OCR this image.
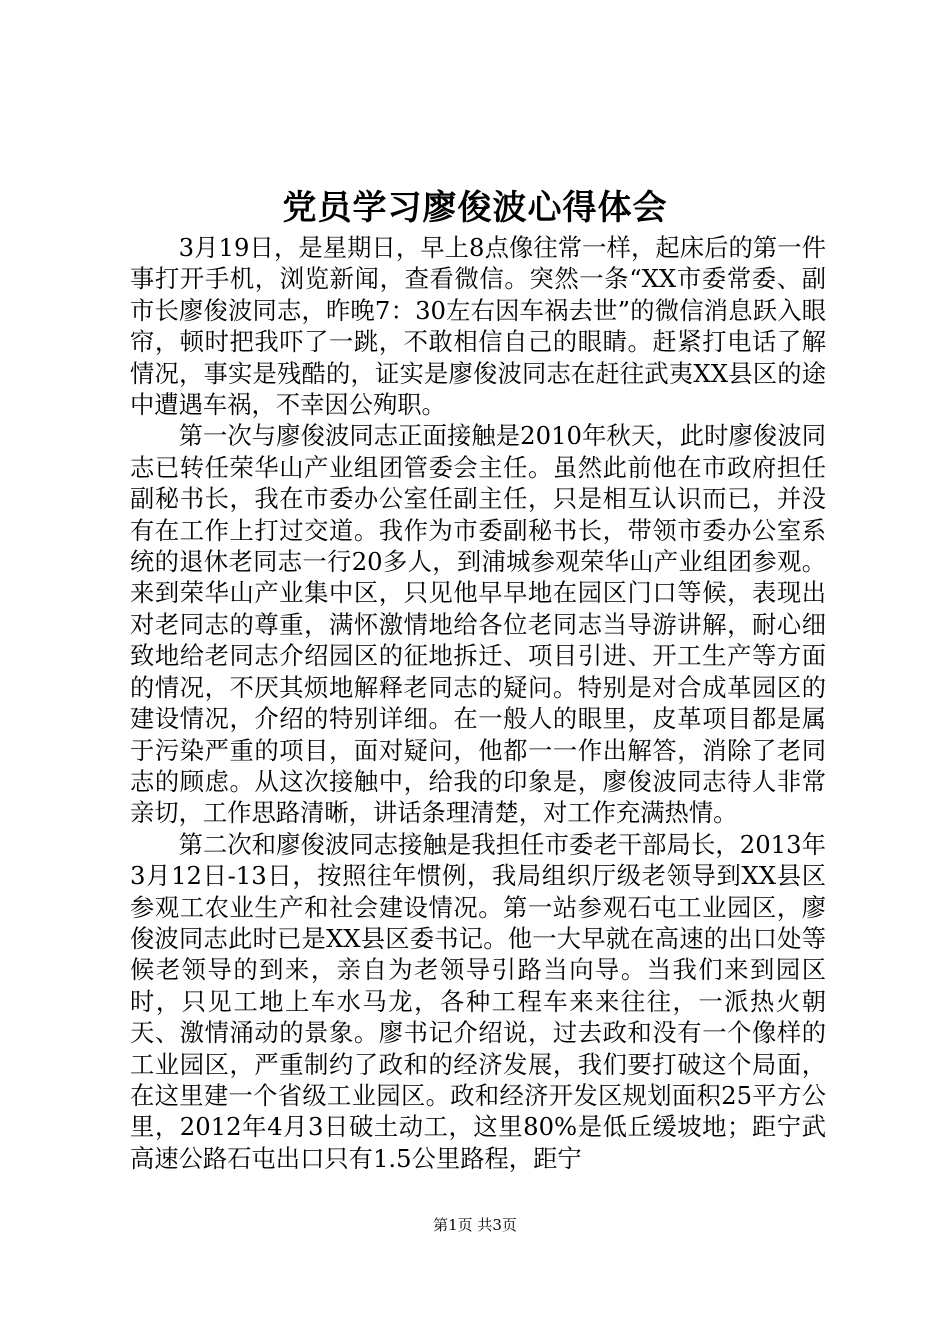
党员学习廖俊波心得体会

3月19日，是星期日，早上8点像往常一样，起床后的第一件事打开手机，浏览新闻，查看微信。突然一条“XX市委常委、副市长廖俊波同志，昨晚7：30左右因车祸去世”的微信消息跃入眼帘，顿时把我吓了一跳，不敢相信自己的眼睛。赶紧打电话了解情况，事实是残酷的，证实是廖俊波同志在赶往武夷XX县区的途中遭遇车祸，不幸因公殉职。

第一次与廖俊波同志正面接触是2010年秋天，此时廖俊波同志已转任荣华山产业组团管委会主任。虽然此前他在市政府担任副秘书长，我在市委办公室任副主任，只是相互认识而已，并没有在工作上打过交道。我作为市委副秘书长，带领市委办公室系统的退休老同志一行20多人，到浦城参观荣华山产业组团参观。来到荣华山产业集中区，只见他早早地在园区门口等候，表现出对老同志的尊重，满怀激情地给各位老同志当导游讲解，耐心细致地给老同志介绍园区的征地拆迁、项目引进、开工生产等方面的情况，不厌其烦地解释老同志的疑问。特别是对合成革园区的建设情况，介绍的特别详细。在一般人的眼里，皮革项目都是属于污染严重的项目，面对疑问，他都一一作出解答，消除了老同志的顾虑。从这次接触中，给我的印象是，廖俊波同志待人非常亲切，工作思路清晰，讲话条理清楚，对工作充满热情。

第二次和廖俊波同志接触是我担任市委老干部局长，2013年3月12日-13日，按照往年惯例，我局组织厅级老领导到XX县区参观工农业生产和社会建设情况。第一站参观石屯工业园区，廖俊波同志此时已是XX县区委书记。他一大早就在高速的出口处等候老领导的到来，亲自为老领导引路当向导。当我们来到园区时，只见工地上车水马龙，各种工程车来来往往，一派热火朝天、激情涌动的景象。廖书记介绍说，过去政和没有一个像样的工业园区，严重制约了政和的经济发展，我们要打破这个局面，在这里建一个省级工业园区。政和经济开发区规划面积25平方公里，2012年4月3日破土动工，这里80%是低丘缓坡地；距宁武高速公路石屯出口只有1.5公里路程，距宁

第1页 共3页
